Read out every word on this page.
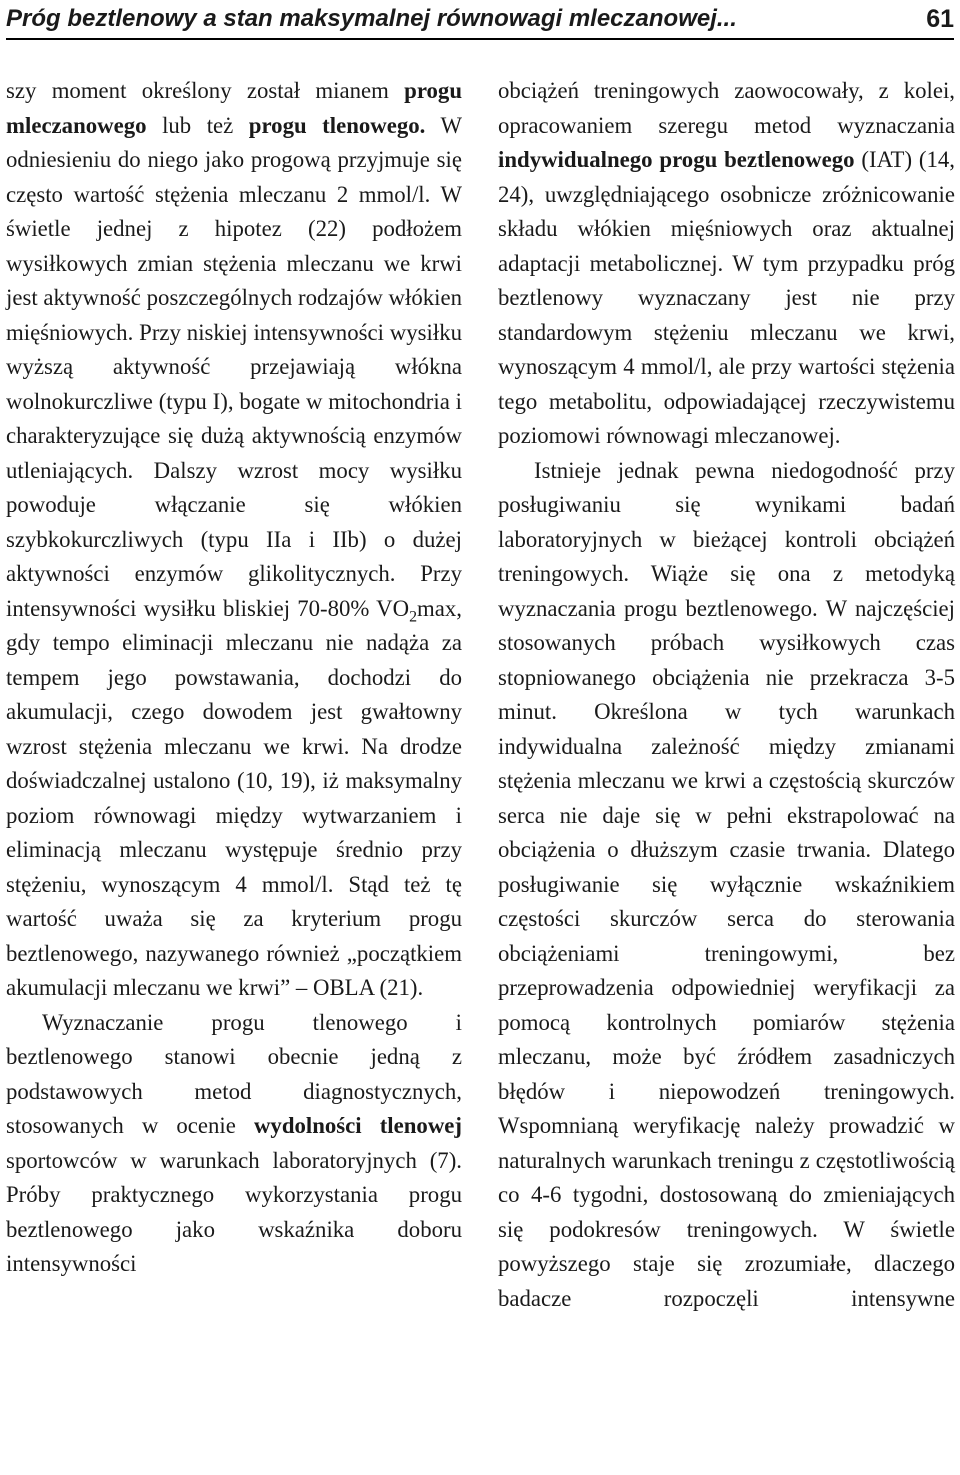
Próg beztlenowy a stan maksymalnej równowagi mleczanowej...	61

szy moment określony został mianem progu mleczanowego lub też progu tlenowego. W odniesieniu do niego jako progową przyjmuje się często wartość stężenia mleczanu 2 mmol/l. W świetle jednej z hipotez (22) podłożem wysiłkowych zmian stężenia mleczanu we krwi jest aktywność poszczególnych rodzajów włókien mięśniowych. Przy niskiej intensywności wysiłku wyższą aktywność przejawiają włókna wolnokurczliwe (typu I), bogate w mitochondria i charakteryzujące się dużą aktywnością enzymów utleniających. Dalszy wzrost mocy wysiłku powoduje włączanie się włókien szybkokurczliwych (typu IIa i IIb) o dużej aktywności enzymów glikolitycznych. Przy intensywności wysiłku bliskiej 70-80% $VO_2\max$, gdy tempo eliminacji mleczanu nie nadąża za tempem jego powstawania, dochodzi do akumulacji, czego dowodem jest gwałtowny wzrost stężenia mleczanu we krwi. Na drodze doświadczalnej ustalono (10, 19), iż maksymalny poziom równowagi między wytwarzaniem i eliminacją mleczanu występuje średnio przy stężeniu, wynoszącym 4 mmol/l. Stąd też tę wartość uważa się za kryterium progu beztlenowego, nazywanego również „początkiem akumulacji mleczanu we krwi” – OBLA (21).

Wyznaczanie progu tlenowego i beztlenowego stanowi obecnie jedną z podstawowych metod diagnostycznych, stosowanych w ocenie wydolności tlenowej sportowców w warunkach laboratoryjnych (7). Próby praktycznego wykorzystania progu beztlenowego jako wskaźnika doboru intensywności

obciążeń treningowych zaowocowały, z kolei, opracowaniem szeregu metod wyznaczania indywidualnego progu beztlenowego (IAT) (14, 24), uwzględniającego osobnicze zróżnicowanie składu włókien mięśniowych oraz aktualnej adaptacji metabolicznej. W tym przypadku próg beztlenowy wyznaczany jest nie przy standardowym stężeniu mleczanu we krwi, wynoszącym 4 mmol/l, ale przy wartości stężenia tego metabolitu, odpowiadającej rzeczywistemu poziomowi równowagi mleczanowej.

Istnieje jednak pewna niedogodność przy posługiwaniu się wynikami badań laboratoryjnych w bieżącej kontroli obciążeń treningowych. Wiąże się ona z metodyką wyznaczania progu beztlenowego. W najczęściej stosowanych próbach wysiłkowych czas stopniowanego obciążenia nie przekracza 3-5 minut. Określona w tych warunkach indywidualna zależność między zmianami stężenia mleczanu we krwi a częstością skurczów serca nie daje się w pełni ekstrapolować na obciążenia o dłuższym czasie trwania. Dlatego posługiwanie się wyłącznie wskaźnikiem częstości skurczów serca do sterowania obciążeniami treningowymi, bez przeprowadzenia odpowiedniej weryfikacji za pomocą kontrolnych pomiarów stężenia mleczanu, może być źródłem zasadniczych błędów i niepowodzeń treningowych. Wspomnianą weryfikację należy prowadzić w naturalnych warunkach treningu z częstotliwością co 4-6 tygodni, dostosowaną do zmieniających się podokresów treningowych. W świetle powyższego staje się zrozumiałe, dlaczego badacze rozpoczęli intensywne
